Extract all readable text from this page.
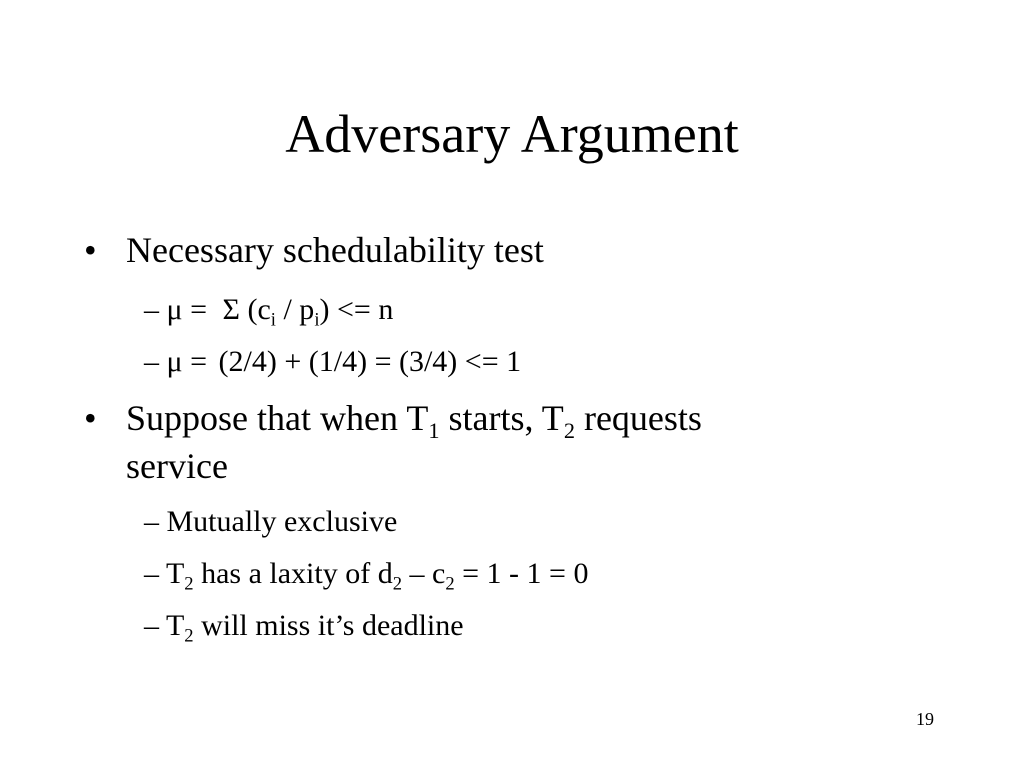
Adversary Argument
• Necessary schedulability test
– μ = Σ $(c_i / p_i) <= n$
– μ = (2/4) + (1/4) = (3/4) <= 1
• Suppose that when $T_1$ starts, $T_2$ requests
service
– Mutually exclusive
– $T_2$ has a laxity of $d_2 - c_2 = 1 - 1 = 0$
– $T_2$ will miss it’s deadline
19
